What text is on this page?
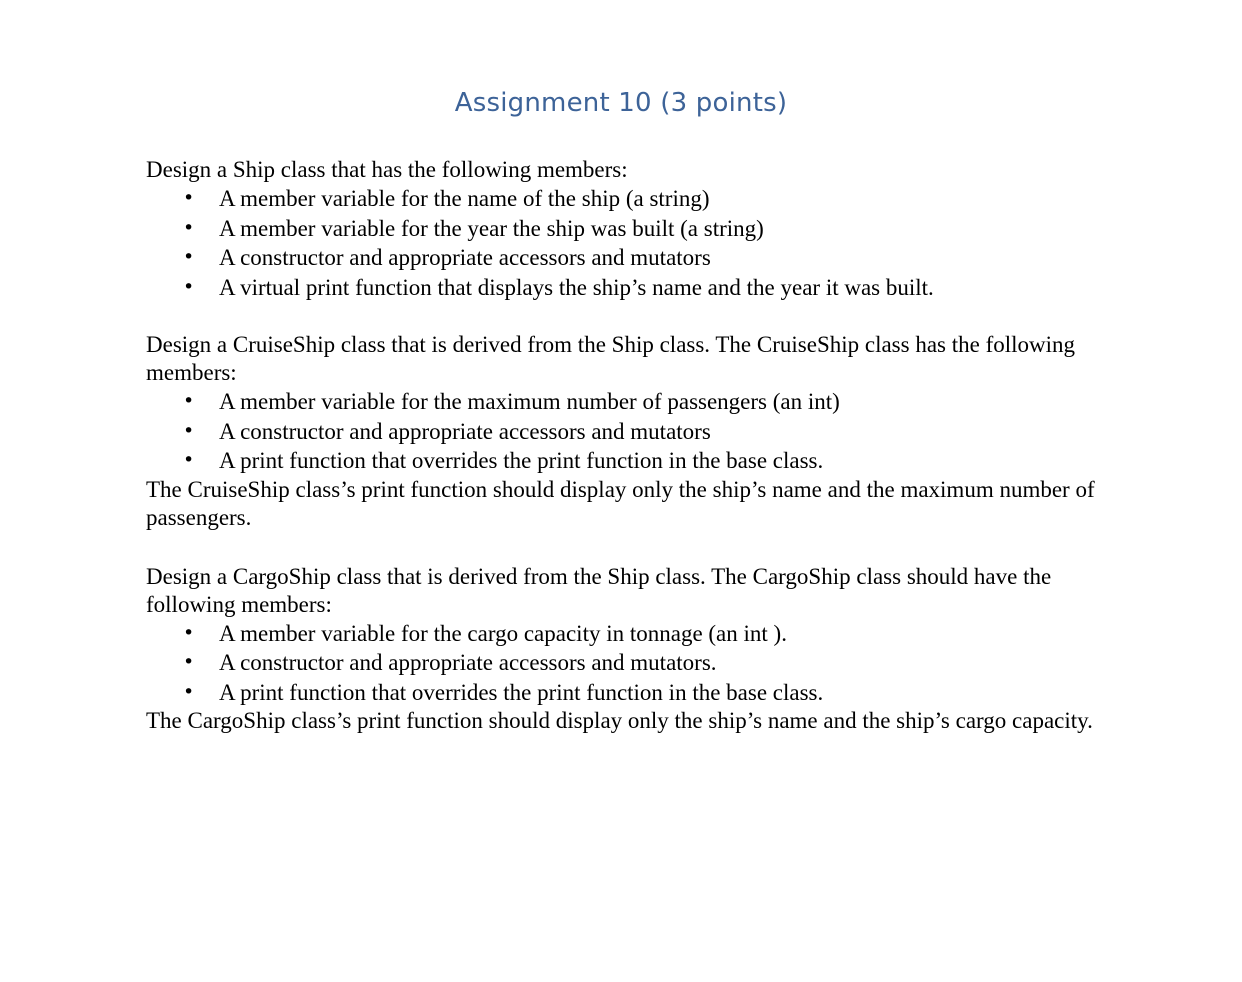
Assignment 10 (3 points)

Design a Ship class that has the following members:

• A member variable for the name of the ship (a string)
• A member variable for the year the ship was built (a string)
• A constructor and appropriate accessors and mutators
• A virtual print function that displays the ship’s name and the year it was built.

Design a CruiseShip class that is derived from the Ship class. The CruiseShip class has the following members:

• A member variable for the maximum number of passengers (an int)
• A constructor and appropriate accessors and mutators
• A print function that overrides the print function in the base class.

The CruiseShip class’s print function should display only the ship’s name and the maximum number of passengers.

Design a CargoShip class that is derived from the Ship class. The CargoShip class should have the following members:

• A member variable for the cargo capacity in tonnage (an int ).
• A constructor and appropriate accessors and mutators.
• A print function that overrides the print function in the base class.

The CargoShip class’s print function should display only the ship’s name and the ship’s cargo capacity.
